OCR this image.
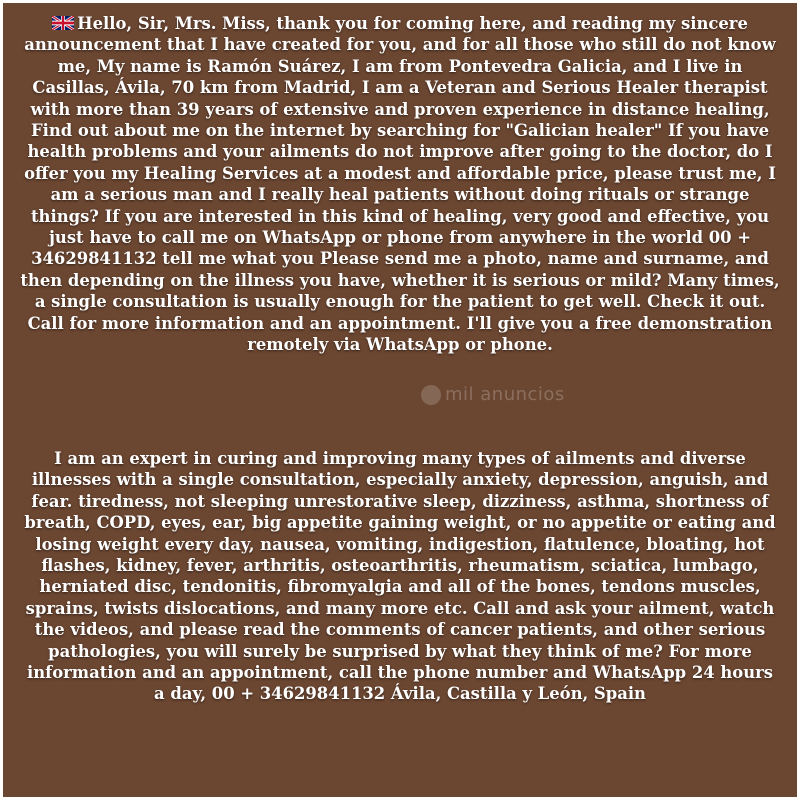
Hello, Sir, Mrs. Miss, thank you for coming here, and reading my sincere announcement that I have created for you, and for all those who still do not know me, My name is Ramón Suárez, I am from Pontevedra Galicia, and I live in Casillas, Ávila, 70 km from Madrid, I am a Veteran and Serious Healer therapist with more than 39 years of extensive and proven experience in distance healing, Find out about me on the internet by searching for "Galician healer" If you have health problems and your ailments do not improve after going to the doctor, do I offer you my Healing Services at a modest and affordable price, please trust me, I am a serious man and I really heal patients without doing rituals or strange things? If you are interested in this kind of healing, very good and effective, you just have to call me on WhatsApp or phone from anywhere in the world 00 + 34629841132 tell me what you Please send me a photo, name and surname, and then depending on the illness you have, whether it is serious or mild? Many times, a single consultation is usually enough for the patient to get well. Check it out. Call for more information and an appointment. I'll give you a free demonstration remotely via WhatsApp or phone.

I am an expert in curing and improving many types of ailments and diverse illnesses with a single consultation, especially anxiety, depression, anguish, and fear. tiredness, not sleeping unrestorative sleep, dizziness, asthma, shortness of breath, COPD, eyes, ear, big appetite gaining weight, or no appetite or eating and losing weight every day, nausea, vomiting, indigestion, flatulence, bloating, hot flashes, kidney, fever, arthritis, osteoarthritis, rheumatism, sciatica, lumbago, herniated disc, tendonitis, fibromyalgia and all of the bones, tendons muscles, sprains, twists dislocations, and many more etc. Call and ask your ailment, watch the videos, and please read the comments of cancer patients, and other serious pathologies, you will surely be surprised by what they think of me? For more information and an appointment, call the phone number and WhatsApp 24 hours a day, 00 + 34629841132 Ávila, Castilla y León, Spain

mil anuncios
